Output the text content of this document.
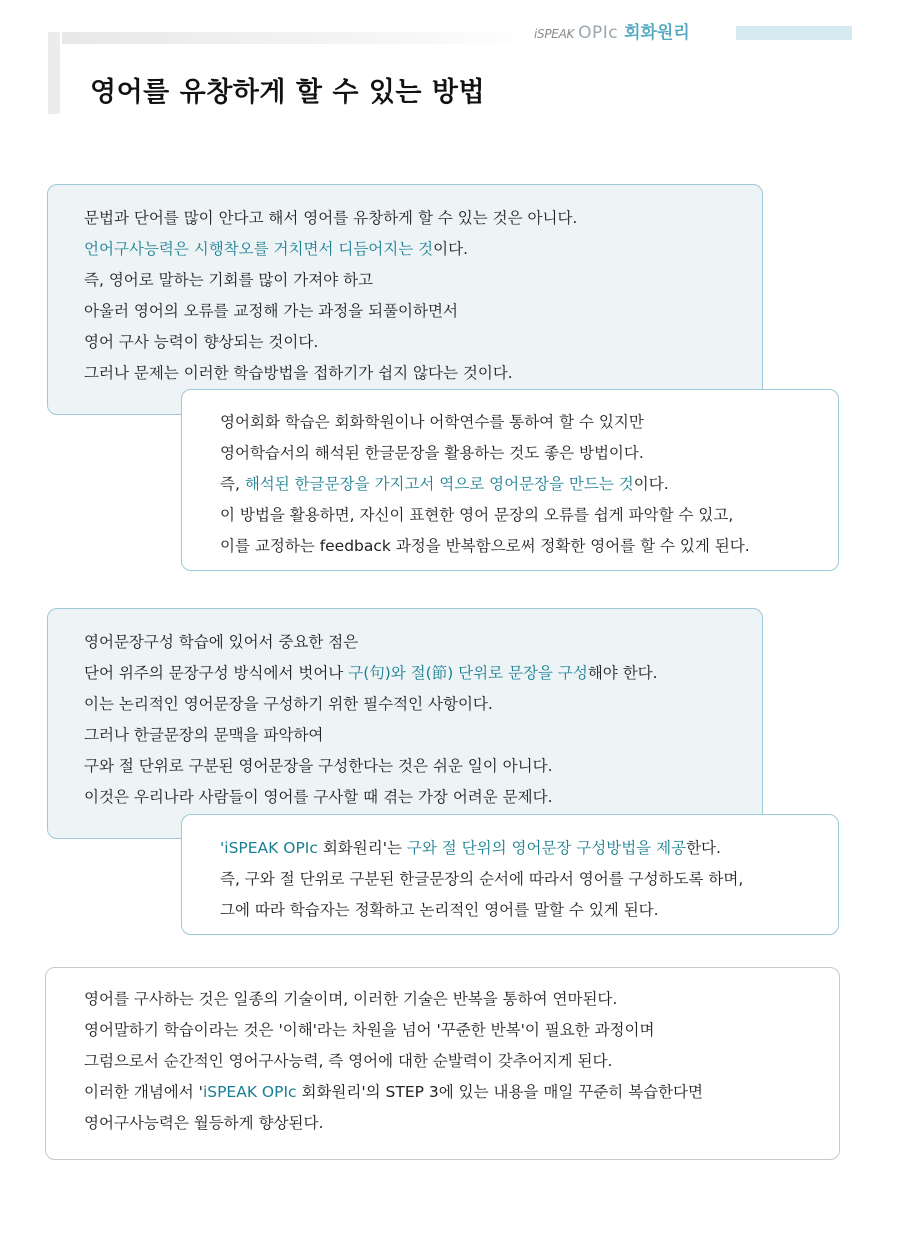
iSPEAK OPIc 회화원리
영어를 유창하게 할 수 있는 방법
문법과 단어를 많이 안다고 해서 영어를 유창하게 할 수 있는 것은 아니다.
언어구사능력은 시행착오를 거치면서 디듬어지는 것이다.
즉, 영어로 말하는 기회를 많이 가져야 하고
아울러 영어의 오류를 교정해 가는 과정을 되풀이하면서
영어 구사 능력이 향상되는 것이다.
그러나 문제는 이러한 학습방법을 접하기가 쉽지 않다는 것이다.
영어회화 학습은 회화학원이나 어학연수를 통하여 할 수 있지만
영어학습서의 해석된 한글문장을 활용하는 것도 좋은 방법이다.
즉, 해석된 한글문장을 가지고서 역으로 영어문장을 만드는 것이다.
이 방법을 활용하면, 자신이 표현한 영어 문장의 오류를 쉽게 파악할 수 있고,
이를 교정하는 feedback 과정을 반복함으로써 정확한 영어를 할 수 있게 된다.
영어문장구성 학습에 있어서 중요한 점은
단어 위주의 문장구성 방식에서 벗어나 구(句)와 절(節) 단위로 문장을 구성해야 한다.
이는 논리적인 영어문장을 구성하기 위한 필수적인 사항이다.
그러나 한글문장의 문맥을 파악하여
구와 절 단위로 구분된 영어문장을 구성한다는 것은 쉬운 일이 아니다.
이것은 우리나라 사람들이 영어를 구사할 때 겪는 가장 어려운 문제다.
'iSPEAK OPIc 회화원리'는 구와 절 단위의 영어문장 구성방법을 제공한다.
즉, 구와 절 단위로 구분된 한글문장의 순서에 따라서 영어를 구성하도록 하며,
그에 따라 학습자는 정확하고 논리적인 영어를 말할 수 있게 된다.
영어를 구사하는 것은 일종의 기술이며, 이러한 기술은 반복을 통하여 연마된다.
영어말하기 학습이라는 것은 '이해'라는 차원을 넘어 '꾸준한 반복'이 필요한 과정이며
그럼으로서 순간적인 영어구사능력, 즉 영어에 대한 순발력이 갖추어지게 된다.
이러한 개념에서 'iSPEAK OPIc 회화원리'의 STEP 3에 있는 내용을 매일 꾸준히 복습한다면
영어구사능력은 월등하게 향상된다.
